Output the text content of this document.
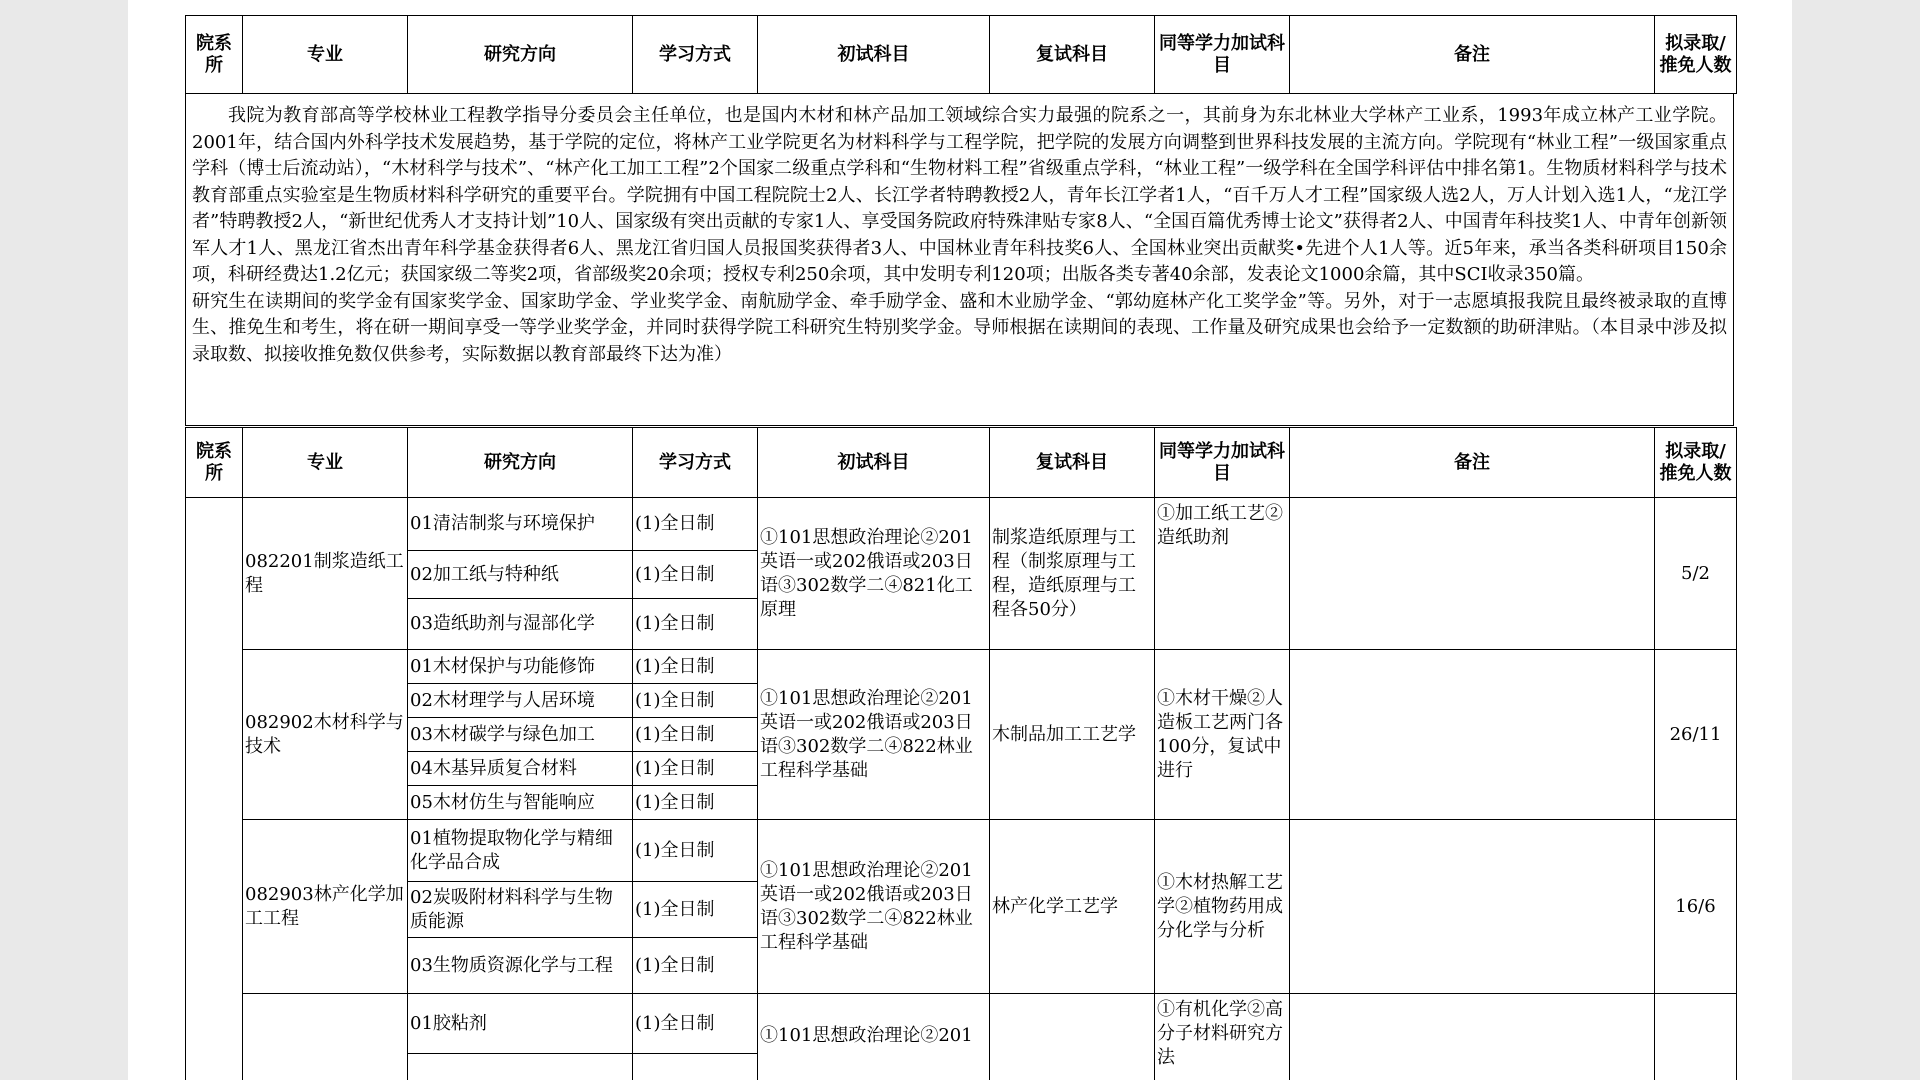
院系所	专业	研究方向	学习方式	初试科目	复试科目	同等学力加试科目	备注	拟录取/推免人数

我院为教育部高等学校林业工程教学指导分委员会主任单位，也是国内木材和林产品加工领域综合实力最强的院系之一，其前身为东北林业大学林产工业系，1993年成立林产工业学院。2001年，结合国内外科学技术发展趋势，基于学院的定位，将林产工业学院更名为材料科学与工程学院，把学院的发展方向调整到世界科技发展的主流方向。学院现有“林业工程”一级国家重点学科（博士后流动站），“木材科学与技术”、“林产化工加工工程”2个国家二级重点学科和“生物材料工程”省级重点学科，“林业工程”一级学科在全国学科评估中排名第1。生物质材料科学与技术教育部重点实验室是生物质材料科学研究的重要平台。学院拥有中国工程院院士2人、长江学者特聘教授2人，青年长江学者1人，“百千万人才工程”国家级人选2人，万人计划入选1人，“龙江学者”特聘教授2人，“新世纪优秀人才支持计划”10人、国家级有突出贡献的专家1人、享受国务院政府特殊津贴专家8人、“全国百篇优秀博士论文”获得者2人、中国青年科技奖1人、中青年创新领军人才1人、黑龙江省杰出青年科学基金获得者6人、黑龙江省归国人员报国奖获得者3人、中国林业青年科技奖6人、全国林业突出贡献奖•先进个人1人等。近5年来，承当各类科研项目150余项，科研经费达1.2亿元；获国家级二等奖2项，省部级奖20余项；授权专利250余项，其中发明专利120项；出版各类专著40余部，发表论文1000余篇，其中SCI收录350篇。

研究生在读期间的奖学金有国家奖学金、国家助学金、学业奖学金、南航励学金、牵手励学金、盛和木业励学金、“郭幼庭林产化工奖学金”等。另外，对于一志愿填报我院且最终被录取的直博生、推免生和考生，将在研一期间享受一等学业奖学金，并同时获得学院工科研究生特别奖学金。导师根据在读期间的表现、工作量及研究成果也会给予一定数额的助研津贴。（本目录中涉及拟录取数、拟接收推免数仅供参考，实际数据以教育部最终下达为准）

院系所	专业	研究方向	学习方式	初试科目	复试科目	同等学力加试科目	备注	拟录取/推免人数
	082201制浆造纸工程	01清洁制浆与环境保护	(1)全日制	①101思想政治理论②201英语一或202俄语或203日语③302数学二④821化工原理	制浆造纸原理与工程（制浆原理与工程，造纸原理与工程各50分）	①加工纸工艺②造纸助剂		5/2
		02加工纸与特种纸	(1)全日制					
		03造纸助剂与湿部化学	(1)全日制					
	082902木材科学与技术	01木材保护与功能修饰	(1)全日制	①101思想政治理论②201英语一或202俄语或203日语③302数学二④822林业工程科学基础	木制品加工工艺学	①木材干燥②人造板工艺两门各100分，复试中进行		26/11
		02木材理学与人居环境	(1)全日制					
		03木材碳学与绿色加工	(1)全日制					
		04木基异质复合材料	(1)全日制					
		05木材仿生与智能响应	(1)全日制					
	082903林产化学加工工程	01植物提取物化学与精细化学品合成	(1)全日制	①101思想政治理论②201英语一或202俄语或203日语③302数学二④822林业工程科学基础	林产化学工艺学	①木材热解工艺学②植物药用成分化学与分析		16/6
		02炭吸附材料科学与生物质能源	(1)全日制					
		03生物质资源化学与工程	(1)全日制					
		01胶粘剂	(1)全日制	①101思想政治理论②201		①有机化学②高分子材料研究方法		
